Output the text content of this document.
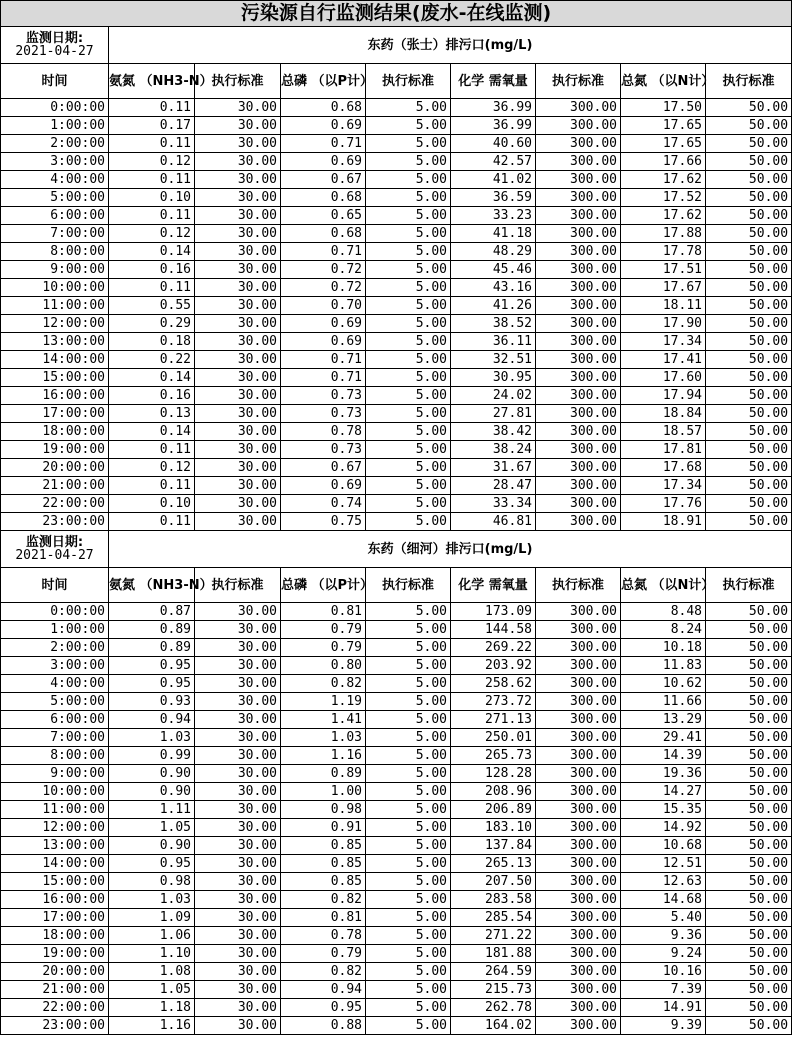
污染源自行监测结果(废水-在线监测)								

监测日期:
2021-04-27	东药（张士）排污口(mg/L)							
时间	氨氮 （NH3-N）	执行标准	总磷 （以P计）	执行标准	化学 需氧量	执行标准	总氮 （以N计）	执行标准
0:00:00	0.11	30.00	0.68	5.00	36.99	300.00	17.50	50.00
1:00:00	0.17	30.00	0.69	5.00	36.99	300.00	17.65	50.00
2:00:00	0.11	30.00	0.71	5.00	40.60	300.00	17.65	50.00
3:00:00	0.12	30.00	0.69	5.00	42.57	300.00	17.66	50.00
4:00:00	0.11	30.00	0.67	5.00	41.02	300.00	17.62	50.00
5:00:00	0.10	30.00	0.68	5.00	36.59	300.00	17.52	50.00
6:00:00	0.11	30.00	0.65	5.00	33.23	300.00	17.62	50.00
7:00:00	0.12	30.00	0.68	5.00	41.18	300.00	17.88	50.00
8:00:00	0.14	30.00	0.71	5.00	48.29	300.00	17.78	50.00
9:00:00	0.16	30.00	0.72	5.00	45.46	300.00	17.51	50.00
10:00:00	0.11	30.00	0.72	5.00	43.16	300.00	17.67	50.00
11:00:00	0.55	30.00	0.70	5.00	41.26	300.00	18.11	50.00
12:00:00	0.29	30.00	0.69	5.00	38.52	300.00	17.90	50.00
13:00:00	0.18	30.00	0.69	5.00	36.11	300.00	17.34	50.00
14:00:00	0.22	30.00	0.71	5.00	32.51	300.00	17.41	50.00
15:00:00	0.14	30.00	0.71	5.00	30.95	300.00	17.60	50.00
16:00:00	0.16	30.00	0.73	5.00	24.02	300.00	17.94	50.00
17:00:00	0.13	30.00	0.73	5.00	27.81	300.00	18.84	50.00
18:00:00	0.14	30.00	0.78	5.00	38.42	300.00	18.57	50.00
19:00:00	0.11	30.00	0.73	5.00	38.24	300.00	17.81	50.00
20:00:00	0.12	30.00	0.67	5.00	31.67	300.00	17.68	50.00
21:00:00	0.11	30.00	0.69	5.00	28.47	300.00	17.34	50.00
22:00:00	0.10	30.00	0.74	5.00	33.34	300.00	17.76	50.00
23:00:00	0.11	30.00	0.75	5.00	46.81	300.00	18.91	50.00

监测日期:
2021-04-27	东药（细河）排污口(mg/L)							
时间	氨氮 （NH3-N）	执行标准	总磷 （以P计）	执行标准	化学 需氧量	执行标准	总氮 （以N计）	执行标准
0:00:00	0.87	30.00	0.81	5.00	173.09	300.00	8.48	50.00
1:00:00	0.89	30.00	0.79	5.00	144.58	300.00	8.24	50.00
2:00:00	0.89	30.00	0.79	5.00	269.22	300.00	10.18	50.00
3:00:00	0.95	30.00	0.80	5.00	203.92	300.00	11.83	50.00
4:00:00	0.95	30.00	0.82	5.00	258.62	300.00	10.62	50.00
5:00:00	0.93	30.00	1.19	5.00	273.72	300.00	11.66	50.00
6:00:00	0.94	30.00	1.41	5.00	271.13	300.00	13.29	50.00
7:00:00	1.03	30.00	1.03	5.00	250.01	300.00	29.41	50.00
8:00:00	0.99	30.00	1.16	5.00	265.73	300.00	14.39	50.00
9:00:00	0.90	30.00	0.89	5.00	128.28	300.00	19.36	50.00
10:00:00	0.90	30.00	1.00	5.00	208.96	300.00	14.27	50.00
11:00:00	1.11	30.00	0.98	5.00	206.89	300.00	15.35	50.00
12:00:00	1.05	30.00	0.91	5.00	183.10	300.00	14.92	50.00
13:00:00	0.90	30.00	0.85	5.00	137.84	300.00	10.68	50.00
14:00:00	0.95	30.00	0.85	5.00	265.13	300.00	12.51	50.00
15:00:00	0.98	30.00	0.85	5.00	207.50	300.00	12.63	50.00
16:00:00	1.03	30.00	0.82	5.00	283.58	300.00	14.68	50.00
17:00:00	1.09	30.00	0.81	5.00	285.54	300.00	5.40	50.00
18:00:00	1.06	30.00	0.78	5.00	271.22	300.00	9.36	50.00
19:00:00	1.10	30.00	0.79	5.00	181.88	300.00	9.24	50.00
20:00:00	1.08	30.00	0.82	5.00	264.59	300.00	10.16	50.00
21:00:00	1.05	30.00	0.94	5.00	215.73	300.00	7.39	50.00
22:00:00	1.18	30.00	0.95	5.00	262.78	300.00	14.91	50.00
23:00:00	1.16	30.00	0.88	5.00	164.02	300.00	9.39	50.00
